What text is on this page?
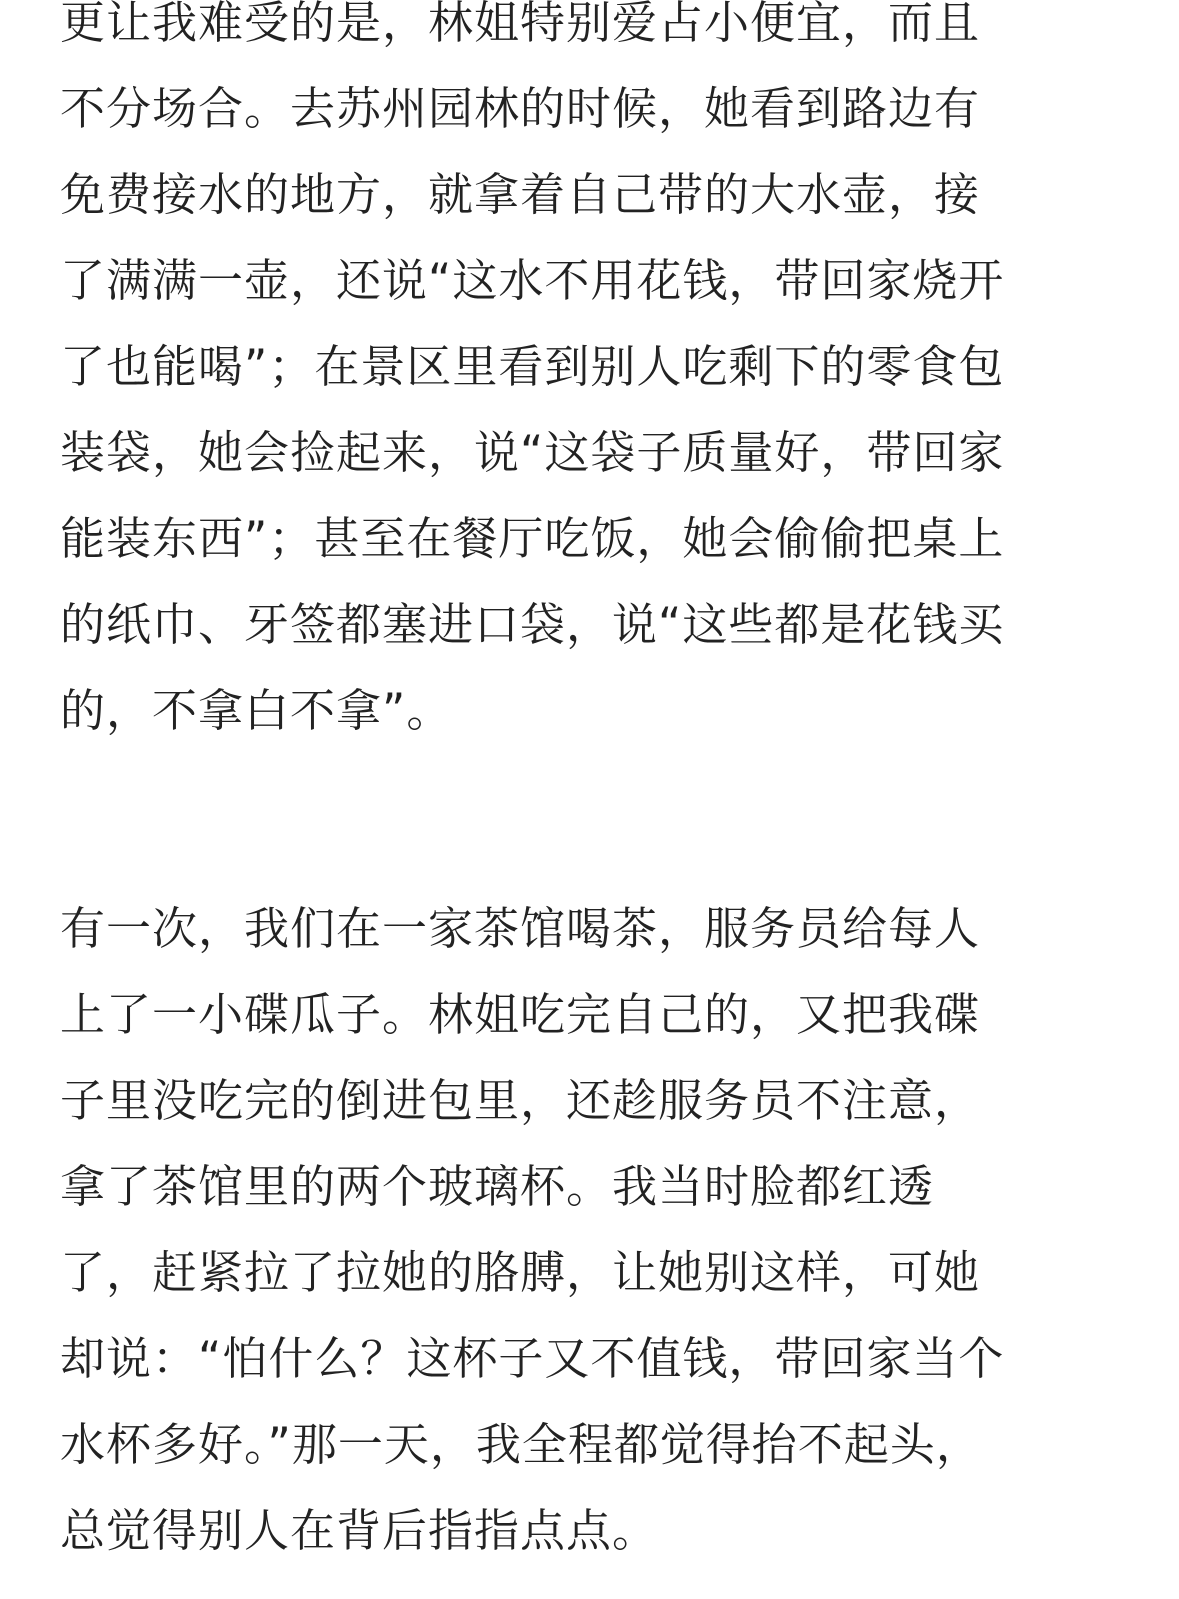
更让我难受的是，林姐特别爱占小便宜，而且
不分场合。去苏州园林的时候，她看到路边有
免费接水的地方，就拿着自己带的大水壶，接
了满满一壶，还说“这水不用花钱，带回家烧开
了也能喝”；在景区里看到别人吃剩下的零食包
装袋，她会捡起来，说“这袋子质量好，带回家
能装东西”；甚至在餐厅吃饭，她会偷偷把桌上
的纸巾、牙签都塞进口袋，说“这些都是花钱买
的，不拿白不拿”。
有一次，我们在一家茶馆喝茶，服务员给每人
上了一小碟瓜子。林姐吃完自己的，又把我碟
子里没吃完的倒进包里，还趁服务员不注意，
拿了茶馆里的两个玻璃杯。我当时脸都红透
了，赶紧拉了拉她的胳膊，让她别这样，可她
却说：“怕什么？这杯子又不值钱，带回家当个
水杯多好。”那一天，我全程都觉得抬不起头，
总觉得别人在背后指指点点。
